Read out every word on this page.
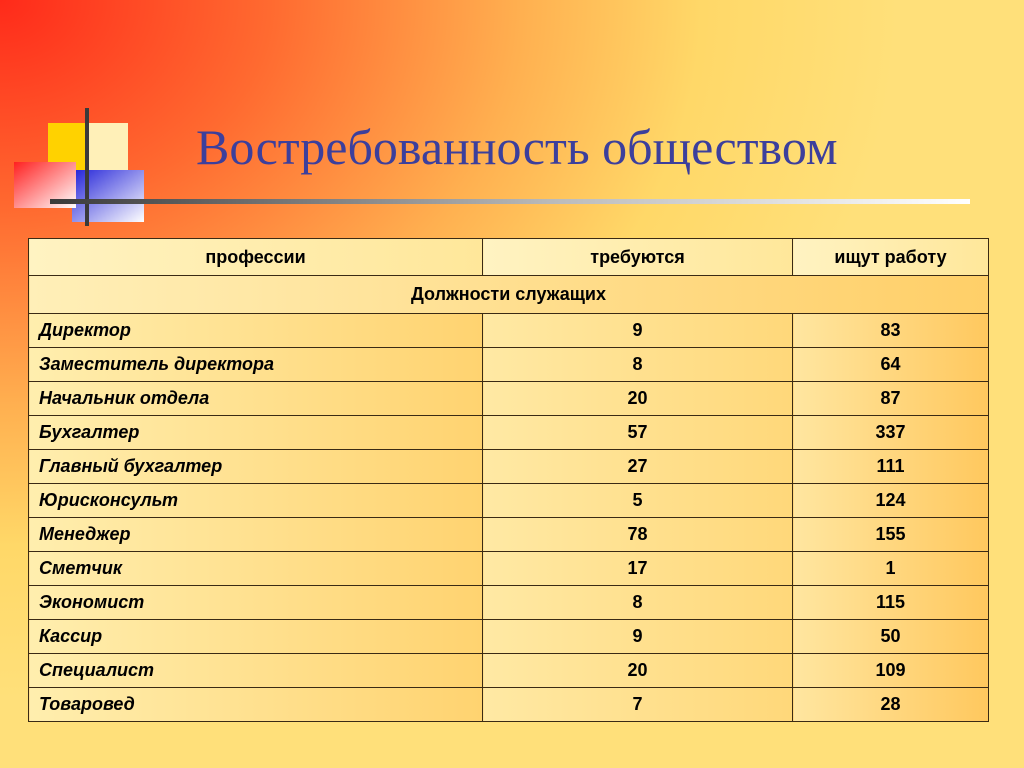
Востребованность обществом
профессии	требуются	ищут работу
Должности служащих		
Директор	9	83
Заместитель директора	8	64
Начальник отдела	20	87
Бухгалтер	57	337
Главный бухгалтер	27	111
Юрисконсульт	5	124
Менеджер	78	155
Сметчик	17	1
Экономист	8	115
Кассир	9	50
Специалист	20	109
Товаровед	7	28
